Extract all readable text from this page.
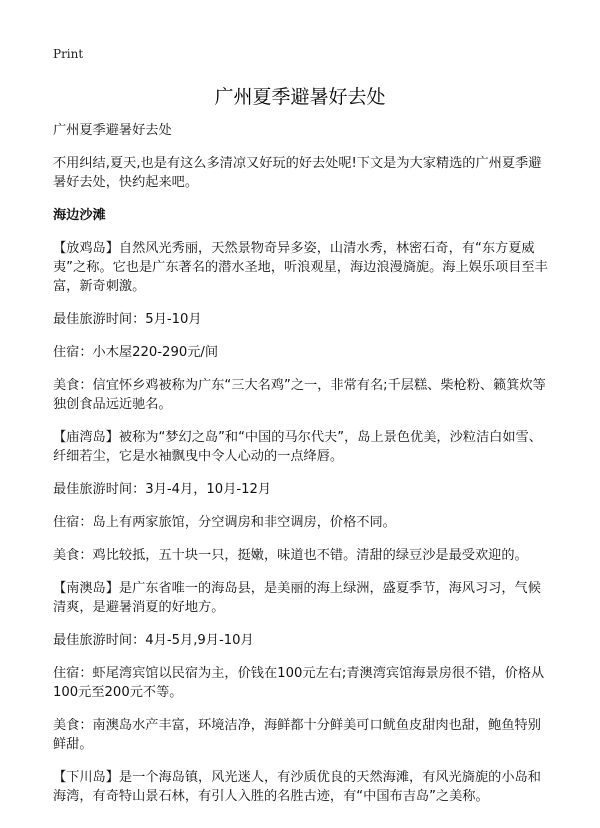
Print
广州夏季避暑好去处

广州夏季避暑好去处

不用纠结,夏天,也是有这么多清凉又好玩的好去处呢!下文是为大家精选的广州夏季避暑好去处，快约起来吧。

海边沙滩

【放鸡岛】自然风光秀丽，天然景物奇异多姿，山清水秀，林密石奇，有“东方夏威夷”之称。它也是广东著名的潜水圣地，听浪观星，海边浪漫旖旎。海上娱乐项目至丰富，新奇刺激。

最佳旅游时间：5月-10月

住宿：小木屋220-290元/间

美食：信宜怀乡鸡被称为广东“三大名鸡”之一，非常有名;千层糕、柴枪粉、籁箕炊等独创食品远近驰名。

【庙湾岛】被称为“梦幻之岛”和“中国的马尔代夫”，岛上景色优美，沙粒洁白如雪、纤细若尘，它是水袖飘曳中令人心动的一点绛唇。

最佳旅游时间：3月-4月，10月-12月

住宿：岛上有两家旅馆，分空调房和非空调房，价格不同。

美食：鸡比较抵，五十块一只，挺嫩，味道也不错。清甜的绿豆沙是最受欢迎的。

【南澳岛】是广东省唯一的海岛县，是美丽的海上绿洲，盛夏季节，海风习习，气候清爽，是避暑消夏的好地方。

最佳旅游时间：4月-5月,9月-10月

住宿：虾尾湾宾馆以民宿为主，价钱在100元左右;青澳湾宾馆海景房很不错，价格从100元至200元不等。

美食：南澳岛水产丰富，环境洁净，海鲜都十分鲜美可口鱿鱼皮甜肉也甜，鲍鱼特别鲜甜。

【下川岛】是一个海岛镇，风光迷人，有沙质优良的天然海滩，有风光旖旎的小岛和海湾，有奇特山景石林，有引人入胜的名胜古迹，有“中国布吉岛”之美称。
